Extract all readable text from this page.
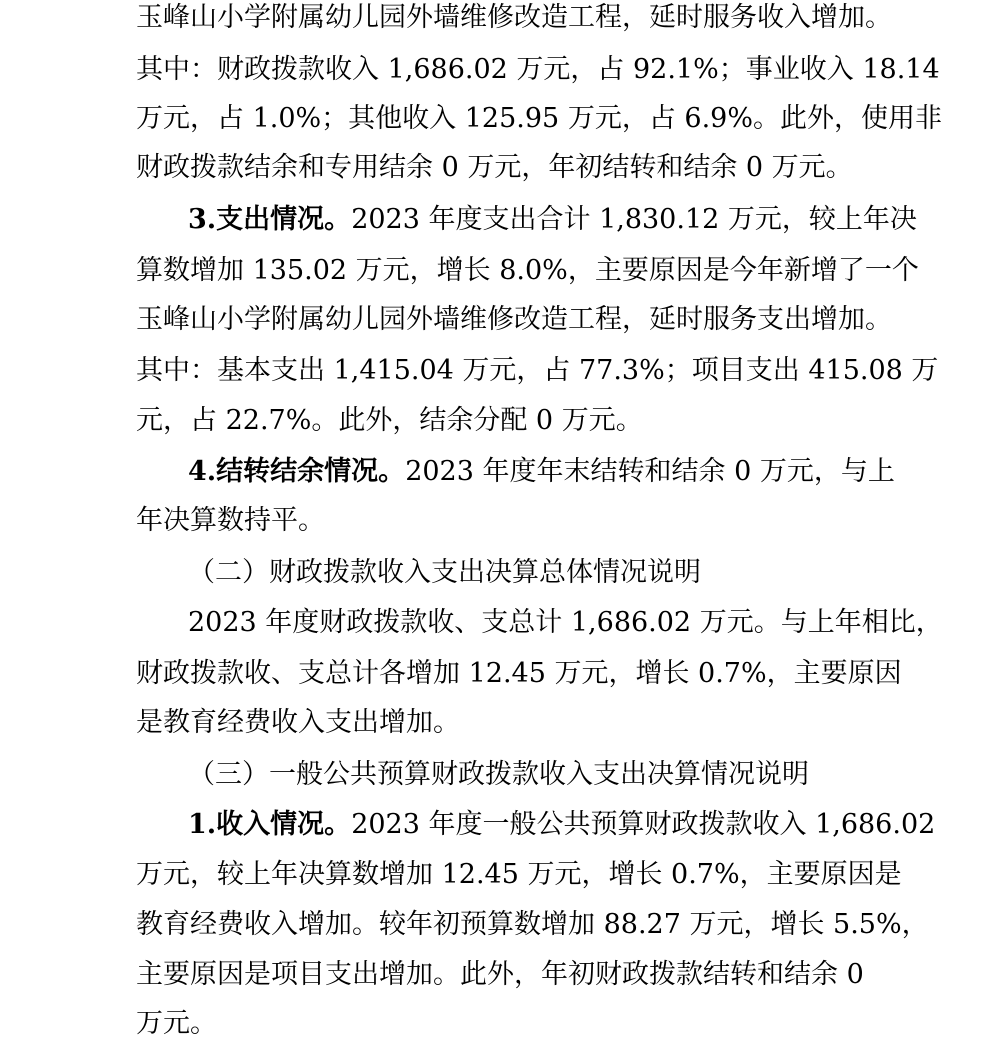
玉峰山小学附属幼儿园外墙维修改造工程，延时服务收入增加。
其中：财政拨款收入 1,686.02 万元，占 92.1%；事业收入 18.14
万元，占 1.0%；其他收入 125.95 万元，占 6.9%。此外，使用非
财政拨款结余和专用结余 0 万元，年初结转和结余 0 万元。
3.支出情况。2023 年度支出合计 1,830.12 万元，较上年决
算数增加 135.02 万元，增长 8.0%，主要原因是今年新增了一个
玉峰山小学附属幼儿园外墙维修改造工程，延时服务支出增加。
其中：基本支出 1,415.04 万元，占 77.3%；项目支出 415.08 万
元，占 22.7%。此外，结余分配 0 万元。
4.结转结余情况。2023 年度年末结转和结余 0 万元，与上
年决算数持平。
（二）财政拨款收入支出决算总体情况说明
2023 年度财政拨款收、支总计 1,686.02 万元。与上年相比，
财政拨款收、支总计各增加 12.45 万元，增长 0.7%，主要原因
是教育经费收入支出增加。
（三）一般公共预算财政拨款收入支出决算情况说明
1.收入情况。2023 年度一般公共预算财政拨款收入 1,686.02
万元，较上年决算数增加 12.45 万元，增长 0.7%，主要原因是
教育经费收入增加。较年初预算数增加 88.27 万元，增长 5.5%，
主要原因是项目支出增加。此外，年初财政拨款结转和结余 0
万元。
